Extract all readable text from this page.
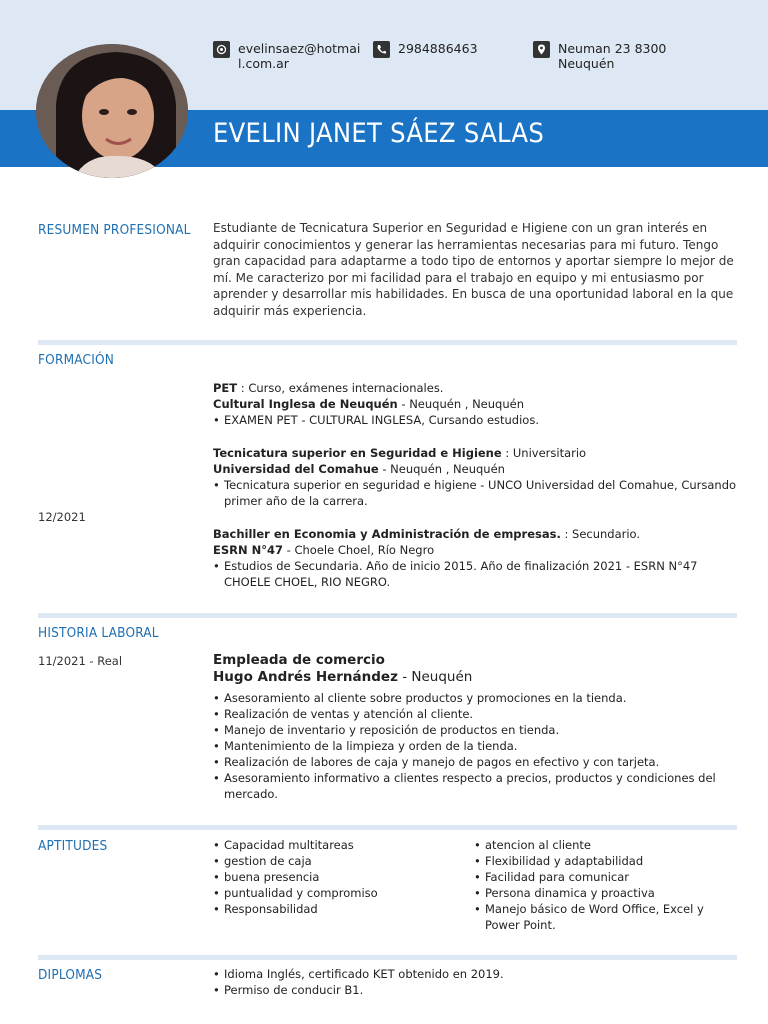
evelinsaez@hotmai
l.com.ar
2984886463	Neuman 23 8300
Neuquén
EVELIN JANET SÁEZ SALAS
RESUMEN PROFESIONAL Estudiante de Tecnicatura Superior en Seguridad e Higiene con un gran interés en adquirir conocimientos y generar las herramientas necesarias para mi futuro. Tengo gran capacidad para adaptarme a todo tipo de entornos y aportar siempre lo mejor de mí. Me caracterizo por mi facilidad para el trabajo en equipo y mi entusiasmo por aprender y desarrollar mis habilidades. En busca de una oportunidad laboral en la que adquirir más experiencia.
FORMACIÓN
PET : Curso, exámenes internacionales.
Cultural Inglesa de Neuquén - Neuquén , Neuquén
• EXAMEN PET - CULTURAL INGLESA, Cursando estudios.
Tecnicatura superior en Seguridad e Higiene : Universitario
Universidad del Comahue - Neuquén , Neuquén
• Tecnicatura superior en seguridad e higiene - UNCO Universidad del Comahue, Cursando primer año de la carrera.
12/2021
Bachiller en Economia y Administración de empresas. : Secundario.
ESRN N°47 - Choele Choel, Río Negro
• Estudios de Secundaria. Año de inicio 2015. Año de finalización 2021 - ESRN N°47 CHOELE CHOEL, RIO NEGRO.
HISTORIA LABORAL
11/2021 - Real	Empleada de comercio
Hugo Andrés Hernández - Neuquén
• Asesoramiento al cliente sobre productos y promociones en la tienda.
• Realización de ventas y atención al cliente.
• Manejo de inventario y reposición de productos en tienda.
• Mantenimiento de la limpieza y orden de la tienda.
• Realización de labores de caja y manejo de pagos en efectivo y con tarjeta.
• Asesoramiento informativo a clientes respecto a precios, productos y condiciones del mercado.
APTITUDES	• Capacidad multitareas
• gestion de caja
• buena presencia
• puntualidad y compromiso
• Responsabilidad
• atencion al cliente
• Flexibilidad y adaptabilidad
• Facilidad para comunicar
• Persona dinamica y proactiva
• Manejo básico de Word Office, Excel y Power Point.
DIPLOMAS	• Idioma Inglés, certificado KET obtenido en 2019.
• Permiso de conducir B1.
